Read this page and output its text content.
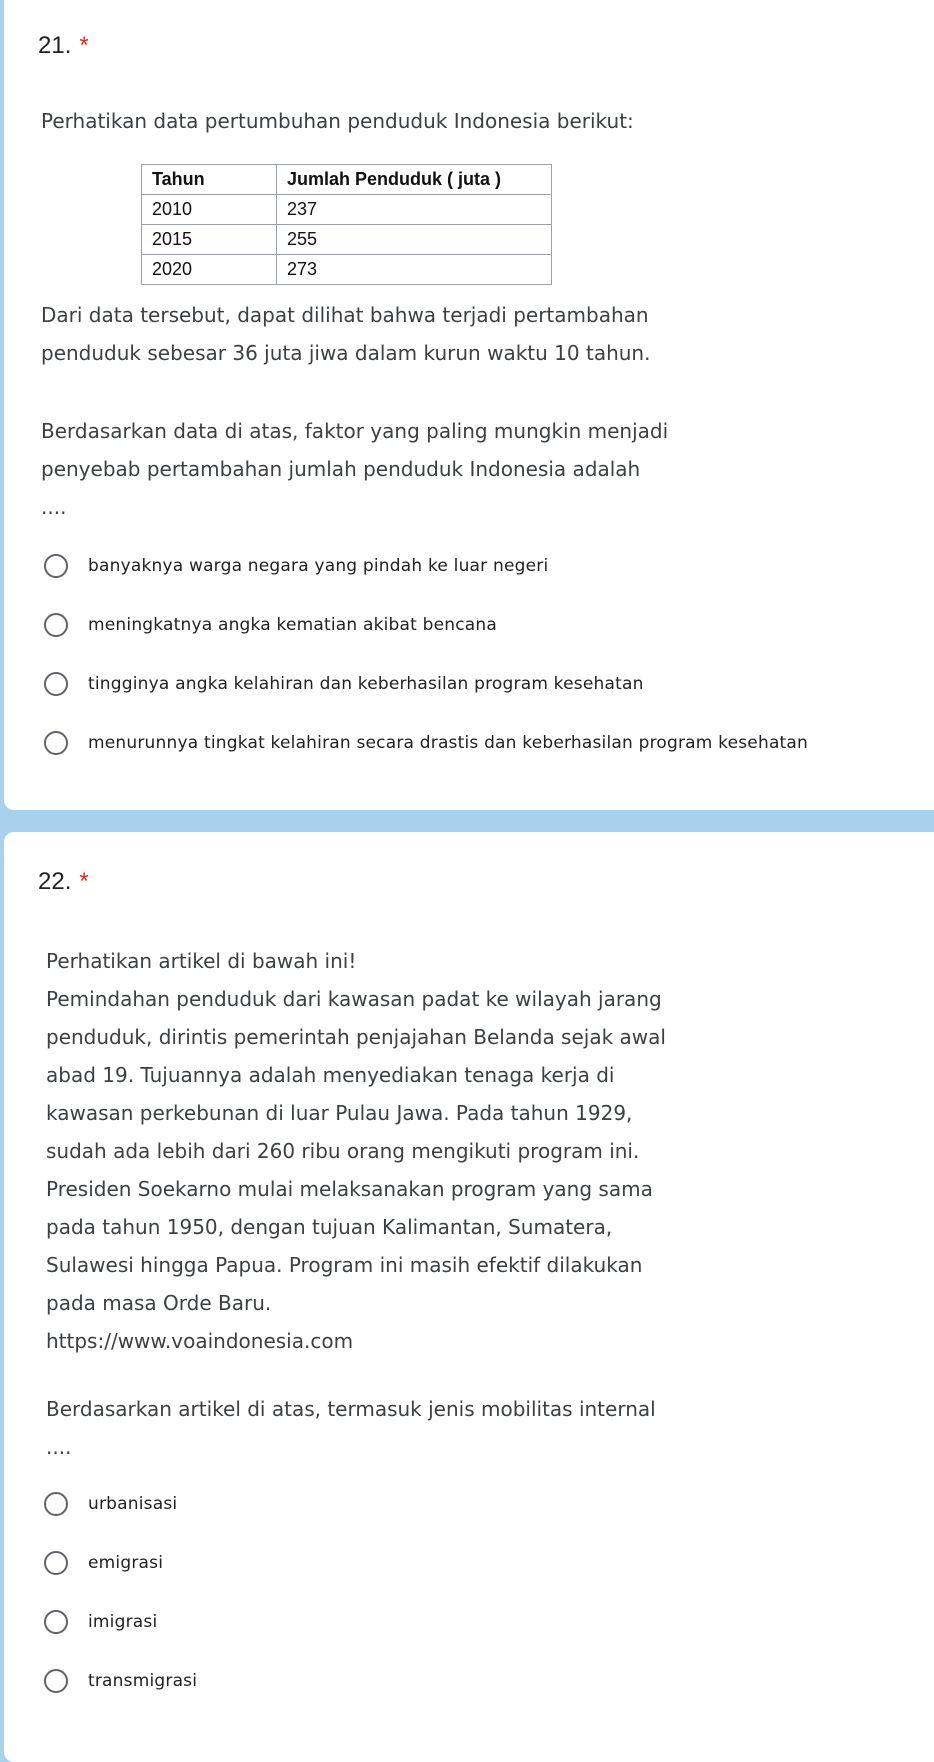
21. *
Perhatikan data pertumbuhan penduduk Indonesia berikut:
Tahun	Jumlah Penduduk ( juta )
2010	237
2015	255
2020	273
Dari data tersebut, dapat dilihat bahwa terjadi pertambahan
penduduk sebesar 36 juta jiwa dalam kurun waktu 10 tahun.
Berdasarkan data di atas, faktor yang paling mungkin menjadi
penyebab pertambahan jumlah penduduk Indonesia adalah
....
banyaknya warga negara yang pindah ke luar negeri
meningkatnya angka kematian akibat bencana
tingginya angka kelahiran dan keberhasilan program kesehatan
menurunnya tingkat kelahiran secara drastis dan keberhasilan program kesehatan
22. *
Perhatikan artikel di bawah ini!
Pemindahan penduduk dari kawasan padat ke wilayah jarang
penduduk, dirintis pemerintah penjajahan Belanda sejak awal
abad 19. Tujuannya adalah menyediakan tenaga kerja di
kawasan perkebunan di luar Pulau Jawa. Pada tahun 1929,
sudah ada lebih dari 260 ribu orang mengikuti program ini.
Presiden Soekarno mulai melaksanakan program yang sama
pada tahun 1950, dengan tujuan Kalimantan, Sumatera,
Sulawesi hingga Papua. Program ini masih efektif dilakukan
pada masa Orde Baru.
https://www.voaindonesia.com
Berdasarkan artikel di atas, termasuk jenis mobilitas internal
....
urbanisasi
emigrasi
imigrasi
transmigrasi
